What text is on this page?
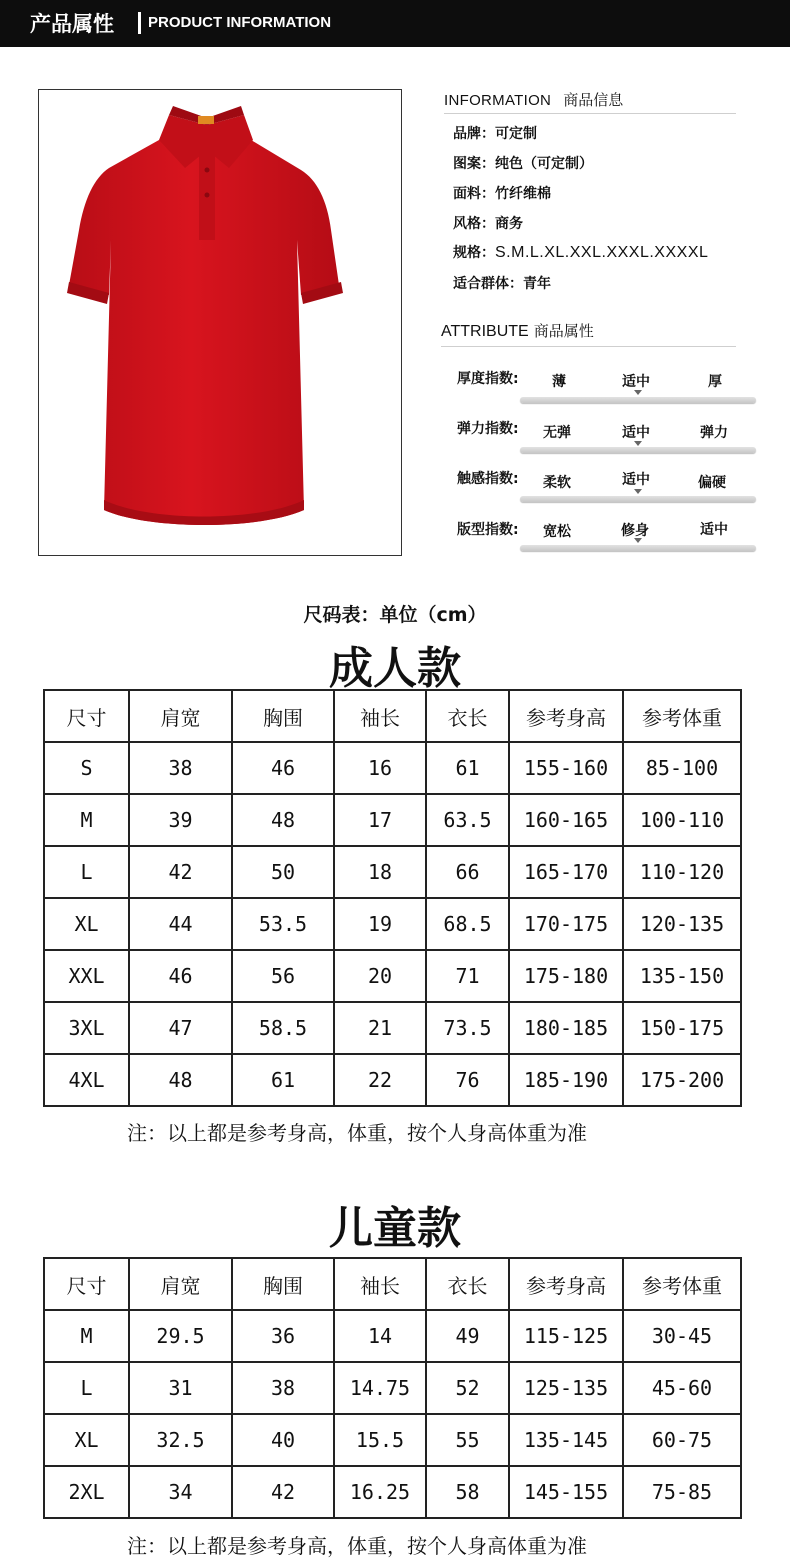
产品属性 PRODUCT INFORMATION
INFORMATION 商品信息
品牌：可定制
图案：纯色（可定制）
面料：竹纤维棉
风格：商务
规格：S.M.L.XL.XXL.XXXL.XXXXL
适合群体：青年
ATTRIBUTE 商品属性
厚度指数: 薄	适中	厚
弹力指数: 无弹	适中	弹力
触感指数: 柔软	适中	偏硬
版型指数: 宽松	修身	适中
尺码表：单位（cm）
成人款
尺寸	肩宽	胸围	袖长	衣长	参考身高	参考体重
S	38	46	16	61	155-160	85-100
M	39	48	17	63.5	160-165	100-110
L	42	50	18	66	165-170	110-120
XL	44	53.5	19	68.5	170-175	120-135
XXL	46	56	20	71	175-180	135-150
3XL	47	58.5	21	73.5	180-185	150-175
4XL	48	61	22	76	185-190	175-200
注：以上都是参考身高，体重，按个人身高体重为准
儿童款
尺寸	肩宽	胸围	袖长	衣长	参考身高	参考体重
M	29.5	36	14	49	115-125	30-45
L	31	38	14.75	52	125-135	45-60
XL	32.5	40	15.5	55	135-145	60-75
2XL	34	42	16.25	58	145-155	75-85
注：以上都是参考身高，体重，按个人身高体重为准
